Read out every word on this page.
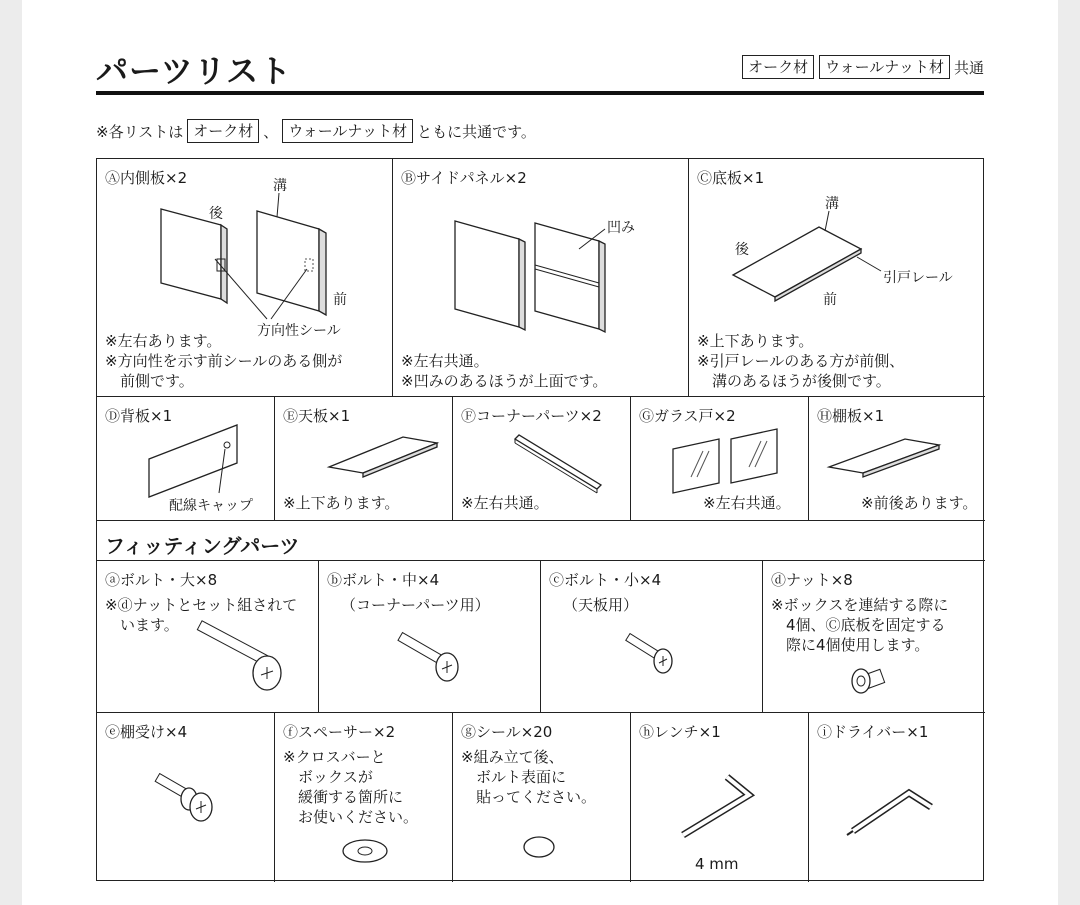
パーツリスト	オーク材	ウォールナット材 共通
※各リストは オーク材 、 ウォールナット材 ともに共通です。
Ⓐ内側板×2	溝
後
前
方向性シール
※左右あります。
※方向性を示す前シールのある側が
　前側です。
Ⓑサイドパネル×2
凹み
※左右共通。
※凹みのあるほうが上面です。
Ⓒ底板×1
溝
後
前
引戸レール
※上下あります。
※引戸レールのある方が前側、
　溝のあるほうが後側です。
Ⓓ背板×1
配線キャップ
Ⓔ天板×1
※上下あります。
Ⓕコーナーパーツ×2
※左右共通。
Ⓖガラス戸×2
※左右共通。
Ⓗ棚板×1
※前後あります。
フィッティングパーツ
ⓐボルト・大×8
※ⓓナットとセット組されて
　います。
ⓑボルト・中×4
（コーナーパーツ用）
ⓒボルト・小×4
（天板用）
ⓓナット×8
※ボックスを連結する際に
　4個、Ⓒ底板を固定する
　際に4個使用します。
ⓔ棚受け×4	ⓕスペーサー×2
※クロスバーと
　ボックスが
　緩衝する箇所に
　お使いください。
ⓖシール×20
※組み立て後、
　ボルト表面に
　貼ってください。
ⓗレンチ×1
4 mm
ⓘドライバー×1
